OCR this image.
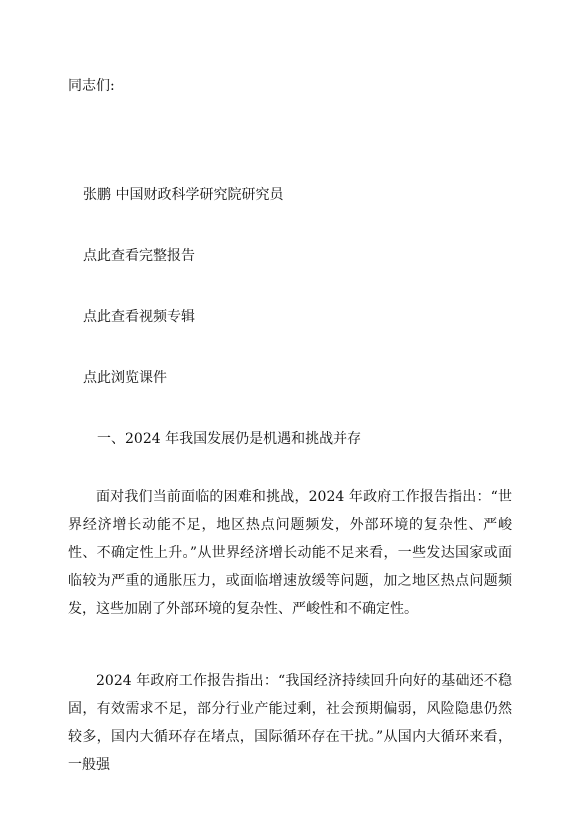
同志们:

张鹏 中国财政科学研究院研究员

点此查看完整报告

点此查看视频专辑

点此浏览课件

一、2024 年我国发展仍是机遇和挑战并存

面对我们当前面临的困难和挑战，2024 年政府工作报告指出：“世界经济增长动能不足，地区热点问题频发，外部环境的复杂性、严峻性、不确定性上升。”从世界经济增长动能不足来看，一些发达国家或面临较为严重的通胀压力，或面临增速放缓等问题，加之地区热点问题频发，这些加剧了外部环境的复杂性、严峻性和不确定性。

2024 年政府工作报告指出：“我国经济持续回升向好的基础还不稳固，有效需求不足，部分行业产能过剩，社会预期偏弱，风险隐患仍然较多，国内大循环存在堵点，国际循环存在干扰。”从国内大循环来看，一般强
